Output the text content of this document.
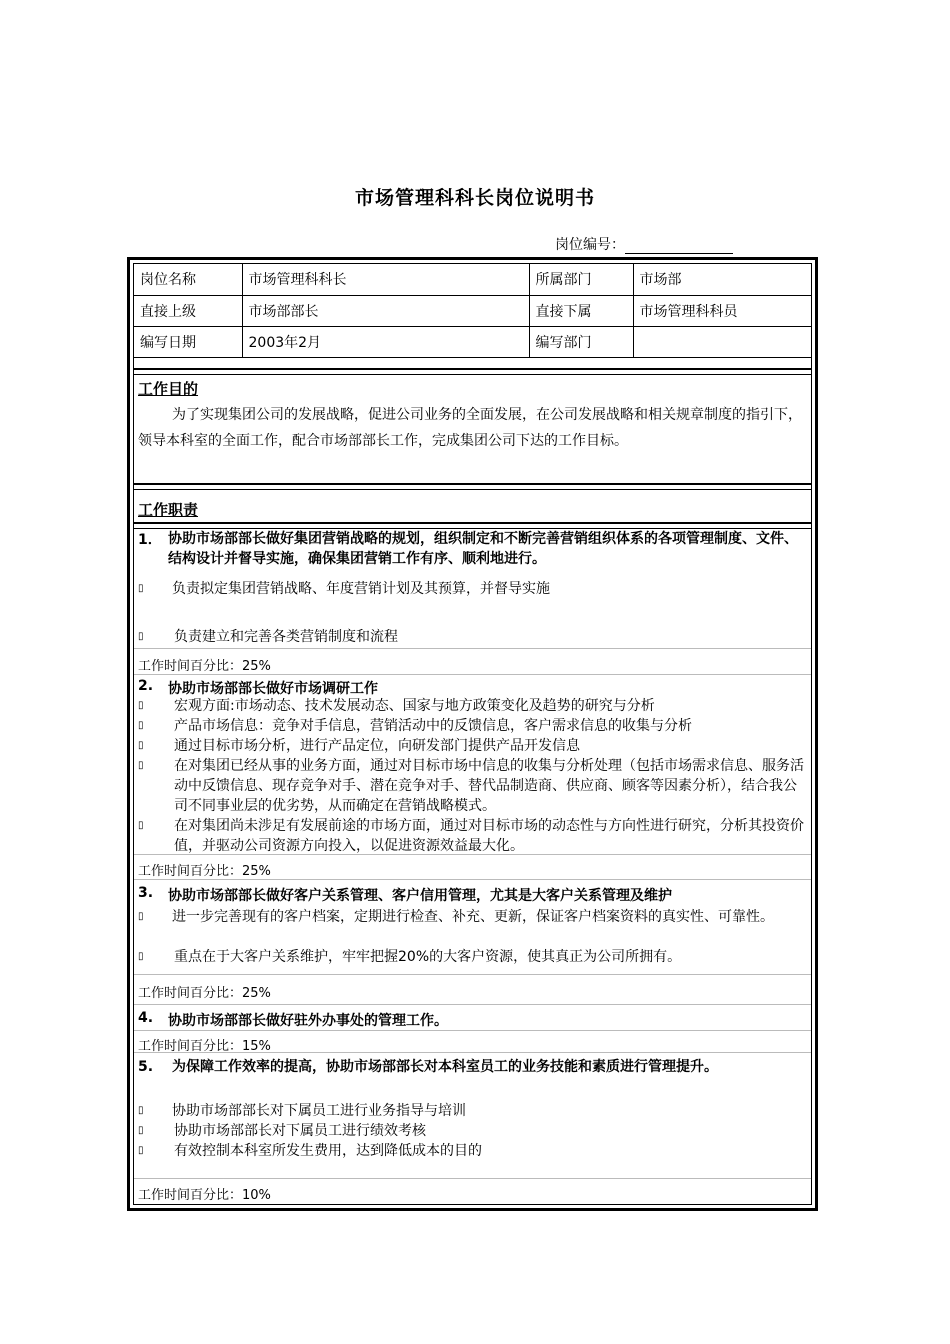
市场管理科科长岗位说明书
岗位编号：
岗位名称	市场管理科科长	所属部门	市场部
直接上级	市场部部长	直接下属	市场管理科科员
编写日期	2003年2月	编写部门	
工作目的
为了实现集团公司的发展战略，促进公司业务的全面发展，在公司发展战略和相关规章制度的指引下，领导本科室的全面工作，配合市场部部长工作，完成集团公司下达的工作目标。
工作职责
1． 协助市场部部长做好集团营销战略的规划，组织制定和不断完善营销组织体系的各项管理制度、文件、结构设计并督导实施，确保集团营销工作有序、顺利地进行。
▯ 负责拟定集团营销战略、年度营销计划及其预算，并督导实施
▯ 负责建立和完善各类营销制度和流程
工作时间百分比：25%
2. 协助市场部部长做好市场调研工作
▯ 宏观方面:市场动态、技术发展动态、国家与地方政策变化及趋势的研究与分析
▯ 产品市场信息：竞争对手信息，营销活动中的反馈信息，客户需求信息的收集与分析
▯ 通过目标市场分析，进行产品定位，向研发部门提供产品开发信息
▯ 在对集团已经从事的业务方面，通过对目标市场中信息的收集与分析处理（包括市场需求信息、服务活动中反馈信息、现存竞争对手、潜在竞争对手、替代品制造商、供应商、顾客等因素分析），结合我公司不同事业层的优劣势，从而确定在营销战略模式。
▯ 在对集团尚未涉足有发展前途的市场方面，通过对目标市场的动态性与方向性进行研究，分析其投资价值，并驱动公司资源方向投入，以促进资源效益最大化。
工作时间百分比：25%
3. 协助市场部部长做好客户关系管理、客户信用管理，尤其是大客户关系管理及维护
▯ 进一步完善现有的客户档案，定期进行检查、补充、更新，保证客户档案资料的真实性、可靠性。
▯ 重点在于大客户关系维护，牢牢把握20%的大客户资源，使其真正为公司所拥有。
工作时间百分比：25%
4. 协助市场部部长做好驻外办事处的管理工作。
工作时间百分比：15%
5. 为保障工作效率的提高，协助市场部部长对本科室员工的业务技能和素质进行管理提升。
▯ 协助市场部部长对下属员工进行业务指导与培训
▯ 协助市场部部长对下属员工进行绩效考核
▯ 有效控制本科室所发生费用，达到降低成本的目的
工作时间百分比：10%
